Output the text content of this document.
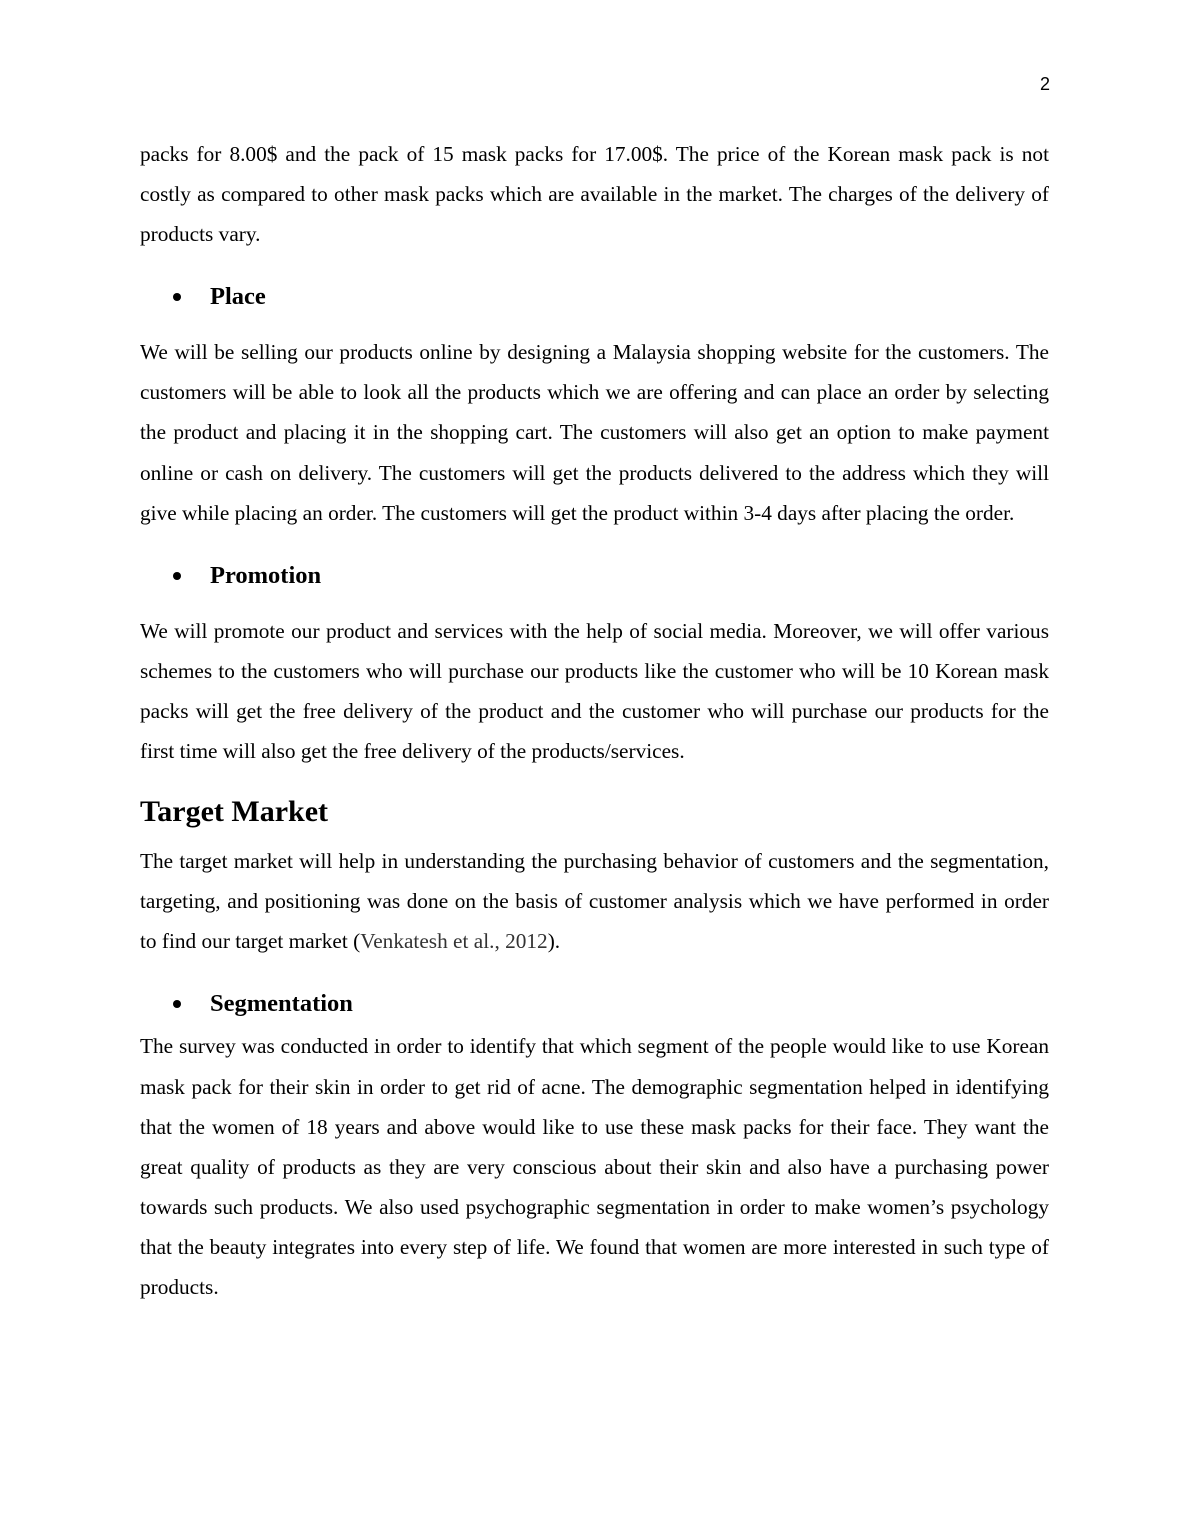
2

packs for 8.00$ and the pack of 15 mask packs for 17.00$. The price of the Korean mask pack is not costly as compared to other mask packs which are available in the market. The charges of the delivery of products vary.

Place

We will be selling our products online by designing a Malaysia shopping website for the customers. The customers will be able to look all the products which we are offering and can place an order by selecting the product and placing it in the shopping cart. The customers will also get an option to make payment online or cash on delivery. The customers will get the products delivered to the address which they will give while placing an order. The customers will get the product within 3-4 days after placing the order.

Promotion

We will promote our product and services with the help of social media. Moreover, we will offer various schemes to the customers who will purchase our products like the customer who will be 10 Korean mask packs will get the free delivery of the product and the customer who will purchase our products for the first time will also get the free delivery of the products/services.

Target Market

The target market will help in understanding the purchasing behavior of customers and the segmentation, targeting, and positioning was done on the basis of customer analysis which we have performed in order to find our target market (Venkatesh et al., 2012).

Segmentation

The survey was conducted in order to identify that which segment of the people would like to use Korean mask pack for their skin in order to get rid of acne. The demographic segmentation helped in identifying that the women of 18 years and above would like to use these mask packs for their face. They want the great quality of products as they are very conscious about their skin and also have a purchasing power towards such products. We also used psychographic segmentation in order to make women’s psychology that the beauty integrates into every step of life. We found that women are more interested in such type of products.
